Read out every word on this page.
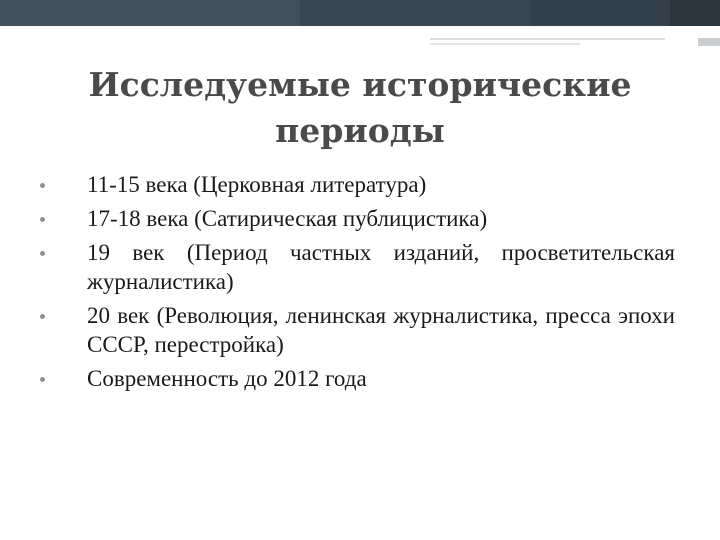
Исследуемые исторические периоды
11-15 века (Церковная литература)
17-18 века (Сатирическая публицистика)
19 век (Период частных изданий, просветительская журналистика)
20 век (Революция, ленинская журналистика, пресса эпохи СССР, перестройка)
Современность до 2012 года
